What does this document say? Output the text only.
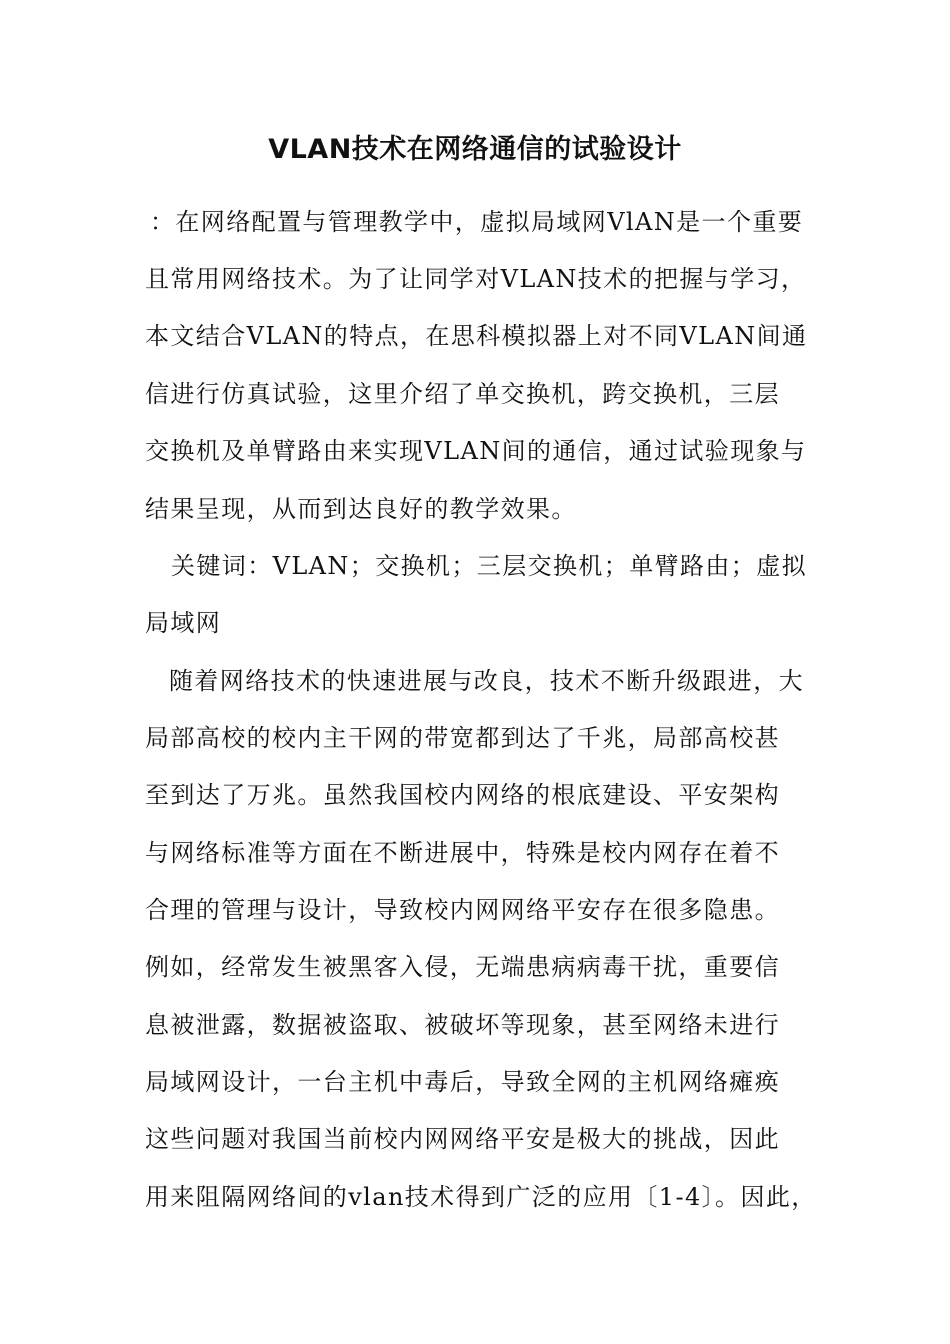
VLAN技术在网络通信的试验设计
：在网络配置与管理教学中，虚拟局域网VlAN是一个重要
且常用网络技术。为了让同学对VLAN技术的把握与学习，
本文结合VLAN的特点，在思科模拟器上对不同VLAN间通
信进行仿真试验，这里介绍了单交换机，跨交换机，三层
交换机及单臂路由来实现VLAN间的通信，通过试验现象与
结果呈现，从而到达良好的教学效果。
关键词：VLAN；交换机；三层交换机；单臂路由；虚拟
局域网
随着网络技术的快速进展与改良，技术不断升级跟进，大
局部高校的校内主干网的带宽都到达了千兆，局部高校甚
至到达了万兆。虽然我国校内网络的根底建设、平安架构
与网络标准等方面在不断进展中，特殊是校内网存在着不
合理的管理与设计，导致校内网网络平安存在很多隐患。
例如，经常发生被黑客入侵，无端患病病毒干扰，重要信
息被泄露，数据被盗取、被破坏等现象，甚至网络未进行
局域网设计，一台主机中毒后，导致全网的主机网络瘫痪
这些问题对我国当前校内网网络平安是极大的挑战，因此
用来阻隔网络间的vlan技术得到广泛的应用〔1-4〕。因此，
